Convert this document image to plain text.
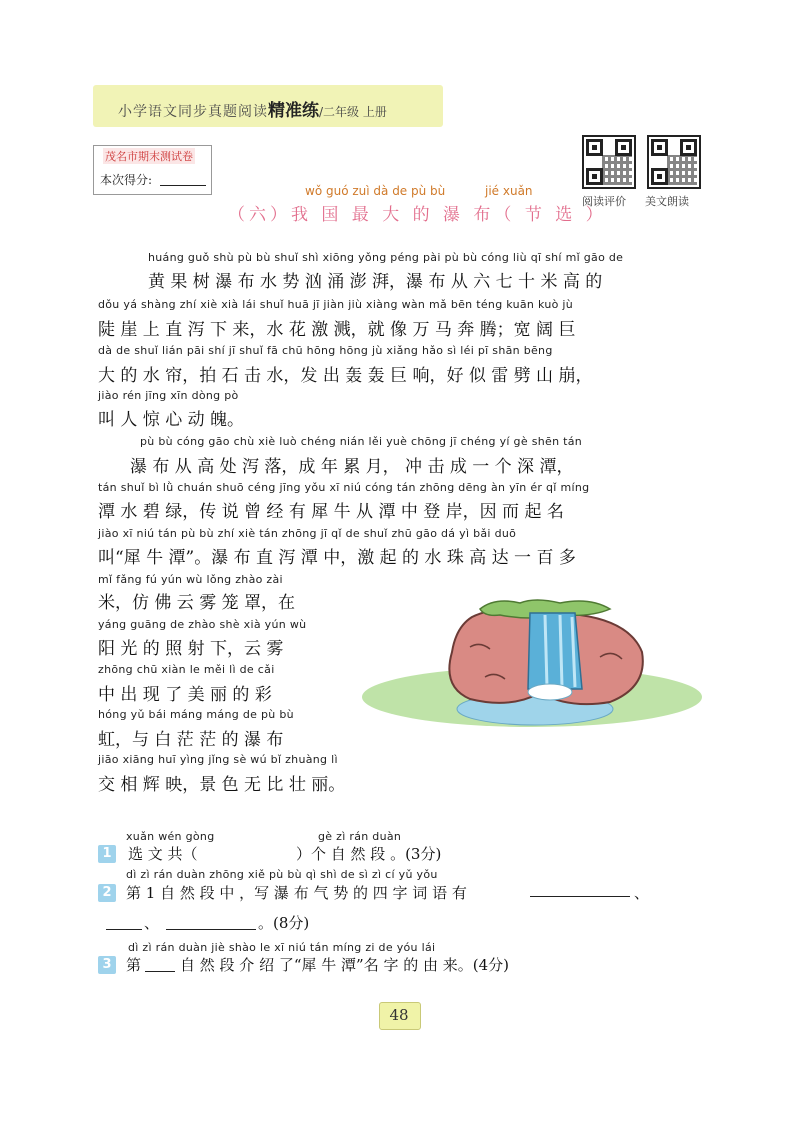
小学语文同步真题阅读精准练/二年级 上册
茂名市期末测试卷
本次得分:
阅读评价 美文朗读
wǒ guó zuì dà de pù bù	jié xuǎn
（六）我 国 最 大 的 瀑 布（ 节 选 ）
huáng guǒ shù pù bù shuǐ shì xiōng yǒng péng pài pù bù cóng liù qī shí mǐ gāo de
黄 果 树 瀑 布 水 势 汹 涌 澎 湃，瀑 布 从 六 七 十 米 高 的
dǒu yá shàng zhí xiè xià lái shuǐ huā jī jiàn jiù xiàng wàn mǎ bēn téng kuān kuò jù
陡 崖 上 直 泻 下 来，水 花 激 溅，就 像 万 马 奔 腾；宽 阔 巨
dà de shuǐ lián pāi shí jī shuǐ fā chū hōng hōng jù xiǎng hǎo sì léi pī shān bēng
大 的 水 帘，拍 石 击 水，发 出 轰 轰 巨 响，好 似 雷 劈 山 崩，
jiào rén jīng xīn dòng pò
叫 人 惊 心 动 魄。
pù bù cóng gāo chù xiè luò chéng nián lěi yuè chōng jī chéng yí gè shēn tán
瀑 布 从 高 处 泻 落，成 年 累 月， 冲 击 成 一 个 深 潭，
tán shuǐ bì lǜ chuán shuō céng jīng yǒu xī niú cóng tán zhōng dēng àn yīn ér qǐ míng
潭 水 碧 绿，传 说 曾 经 有 犀 牛 从 潭 中 登 岸，因 而 起 名
jiào xī niú tán pù bù zhí xiè tán zhōng jī qǐ de shuǐ zhū gāo dá yì bǎi duō
叫“犀 牛 潭”。瀑 布 直 泻 潭 中，激 起 的 水 珠 高 达 一 百 多
mǐ fǎng fú yún wù lǒng zhào zài
米，仿 佛 云 雾 笼 罩，在
yáng guāng de zhào shè xià yún wù
阳 光 的 照 射 下，云 雾
zhōng chū xiàn le měi lì de cǎi
中 出 现 了 美 丽 的 彩
hóng yǔ bái máng máng de pù bù
虹，与 白 茫 茫 的 瀑 布
jiāo xiāng huī yìng jǐng sè wú bǐ zhuàng lì
交 相 辉 映，景 色 无 比 壮 丽。
xuǎn wén gòng	gè zì rán duàn
1 选 文 共（	）个 自 然 段 。(3分)
dì zì rán duàn zhōng xiě pù bù qì shì de sì zì cí yǔ yǒu
2 第 1 自 然 段 中 ，写 瀑 布 气 势 的 四 字 词 语 有	、
、	。(8分)
dì zì rán duàn jiè shào le xī niú tán míng zi de yóu lái
3 第	自 然 段 介 绍 了“犀 牛 潭”名 字 的 由 来。(4分)
48
